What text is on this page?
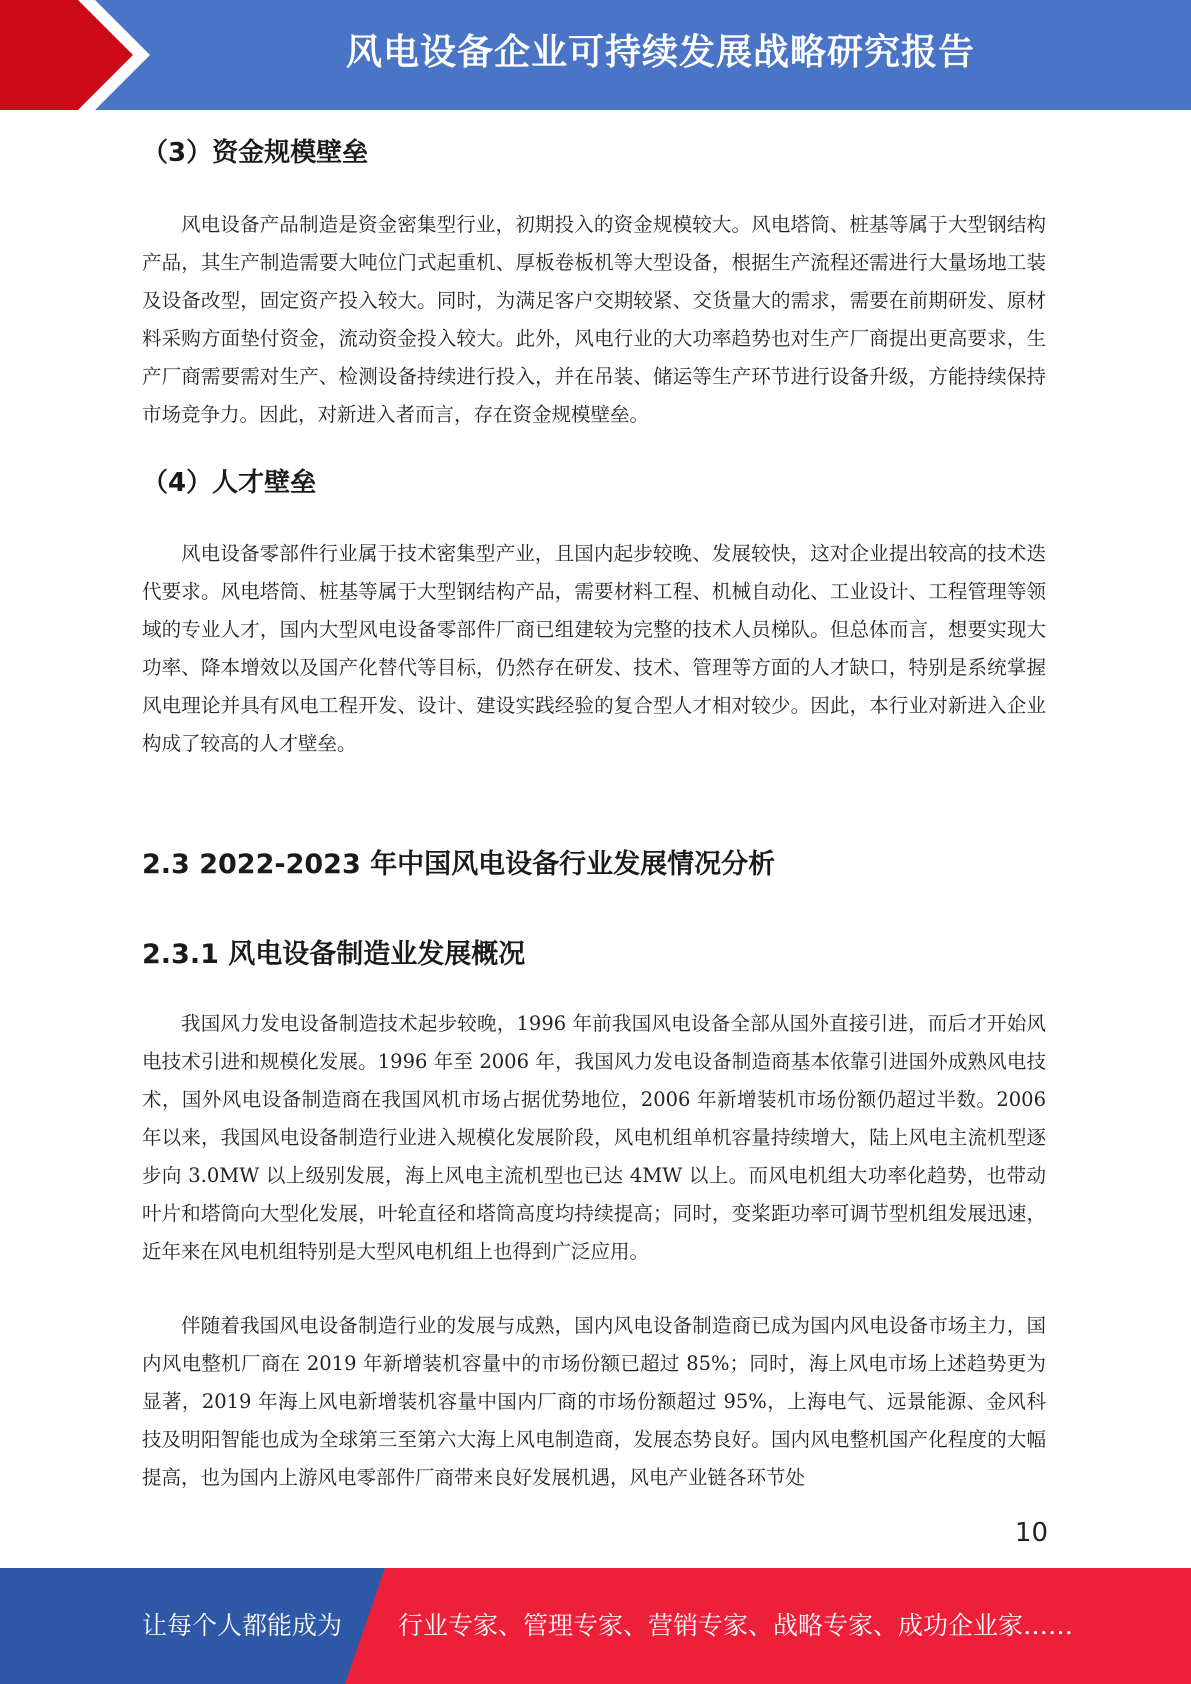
风电设备企业可持续发展战略研究报告
（3）资金规模壁垒

风电设备产品制造是资金密集型行业，初期投入的资金规模较大。风电塔筒、桩基等属于大型钢结构产品，其生产制造需要大吨位门式起重机、厚板卷板机等大型设备，根据生产流程还需进行大量场地工装及设备改型，固定资产投入较大。同时，为满足客户交期较紧、交货量大的需求，需要在前期研发、原材料采购方面垫付资金，流动资金投入较大。此外，风电行业的大功率趋势也对生产厂商提出更高要求，生产厂商需要需对生产、检测设备持续进行投入，并在吊装、储运等生产环节进行设备升级，方能持续保持市场竞争力。因此，对新进入者而言，存在资金规模壁垒。

（4）人才壁垒

风电设备零部件行业属于技术密集型产业，且国内起步较晚、发展较快，这对企业提出较高的技术迭代要求。风电塔筒、桩基等属于大型钢结构产品，需要材料工程、机械自动化、工业设计、工程管理等领域的专业人才，国内大型风电设备零部件厂商已组建较为完整的技术人员梯队。但总体而言，想要实现大功率、降本增效以及国产化替代等目标，仍然存在研发、技术、管理等方面的人才缺口，特别是系统掌握风电理论并具有风电工程开发、设计、建设实践经验的复合型人才相对较少。因此，本行业对新进入企业构成了较高的人才壁垒。

2.3 2022-2023 年中国风电设备行业发展情况分析
2.3.1 风电设备制造业发展概况

我国风力发电设备制造技术起步较晚，1996 年前我国风电设备全部从国外直接引进，而后才开始风电技术引进和规模化发展。1996 年至 2006 年，我国风力发电设备制造商基本依靠引进国外成熟风电技术，国外风电设备制造商在我国风机市场占据优势地位，2006 年新增装机市场份额仍超过半数。2006 年以来，我国风电设备制造行业进入规模化发展阶段，风电机组单机容量持续增大，陆上风电主流机型逐步向 3.0MW 以上级别发展，海上风电主流机型也已达 4MW 以上。而风电机组大功率化趋势，也带动叶片和塔筒向大型化发展，叶轮直径和塔筒高度均持续提高；同时，变桨距功率可调节型机组发展迅速，近年来在风电机组特别是大型风电机组上也得到广泛应用。

伴随着我国风电设备制造行业的发展与成熟，国内风电设备制造商已成为国内风电设备市场主力，国内风电整机厂商在 2019 年新增装机容量中的市场份额已超过 85%；同时，海上风电市场上述趋势更为显著，2019 年海上风电新增装机容量中国内厂商的市场份额超过 95%，上海电气、远景能源、金风科技及明阳智能也成为全球第三至第六大海上风电制造商，发展态势良好。国内风电整机国产化程度的大幅提高，也为国内上游风电零部件厂商带来良好发展机遇，风电产业链各环节处

10
让每个人都能成为 行业专家、管理专家、营销专家、战略专家、成功企业家……
